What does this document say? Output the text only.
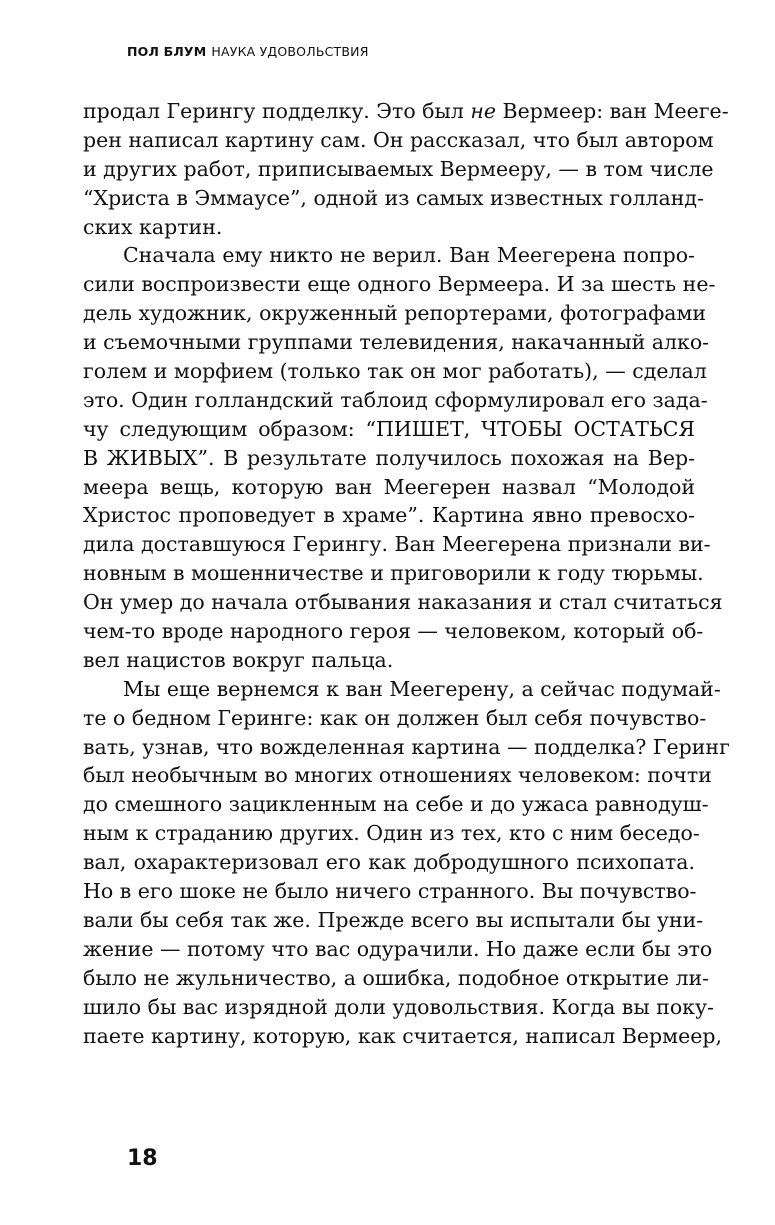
ПОЛ БЛУМ НАУКА УДОВОЛЬСТВИЯ
продал Герингу подделку. Это был не Вермеер: ван Мееге-
рен написал картину сам. Он рассказал, что был автором
и других работ, приписываемых Вермееру, — в том числе
“Христа в Эммаусе”, одной из самых известных голланд-
ских картин.
Сначала ему никто не верил. Ван Меегерена попро-
сили воспроизвести еще одного Вермеера. И за шесть не-
дель художник, окруженный репортерами, фотографами
и съемочными группами телевидения, накачанный алко-
голем и морфием (только так он мог работать), — сделал
это. Один голландский таблоид сформулировал его зада-
чу следующим образом: “ПИШЕТ, ЧТОБЫ ОСТАТЬСЯ
В ЖИВЫХ”. В результате получилось похожая на Вер-
меера вещь, которую ван Меегерен назвал “Молодой
Христос проповедует в храме”. Картина явно превосхо-
дила доставшуюся Герингу. Ван Меегерена признали ви-
новным в мошенничестве и приговорили к году тюрьмы.
Он умер до начала отбывания наказания и стал считаться
чем-то вроде народного героя — человеком, который об-
вел нацистов вокруг пальца.
Мы еще вернемся к ван Меегерену, а сейчас подумай-
те о бедном Геринге: как он должен был себя почувство-
вать, узнав, что вожделенная картина — подделка? Геринг
был необычным во многих отношениях человеком: почти
до смешного зацикленным на себе и до ужаса равнодуш-
ным к страданию других. Один из тех, кто с ним беседо-
вал, охарактеризовал его как добродушного психопата.
Но в его шоке не было ничего странного. Вы почувство-
вали бы себя так же. Прежде всего вы испытали бы уни-
жение — потому что вас одурачили. Но даже если бы это
было не жульничество, а ошибка, подобное открытие ли-
шило бы вас изрядной доли удовольствия. Когда вы поку-
паете картину, которую, как считается, написал Вермеер,
18
